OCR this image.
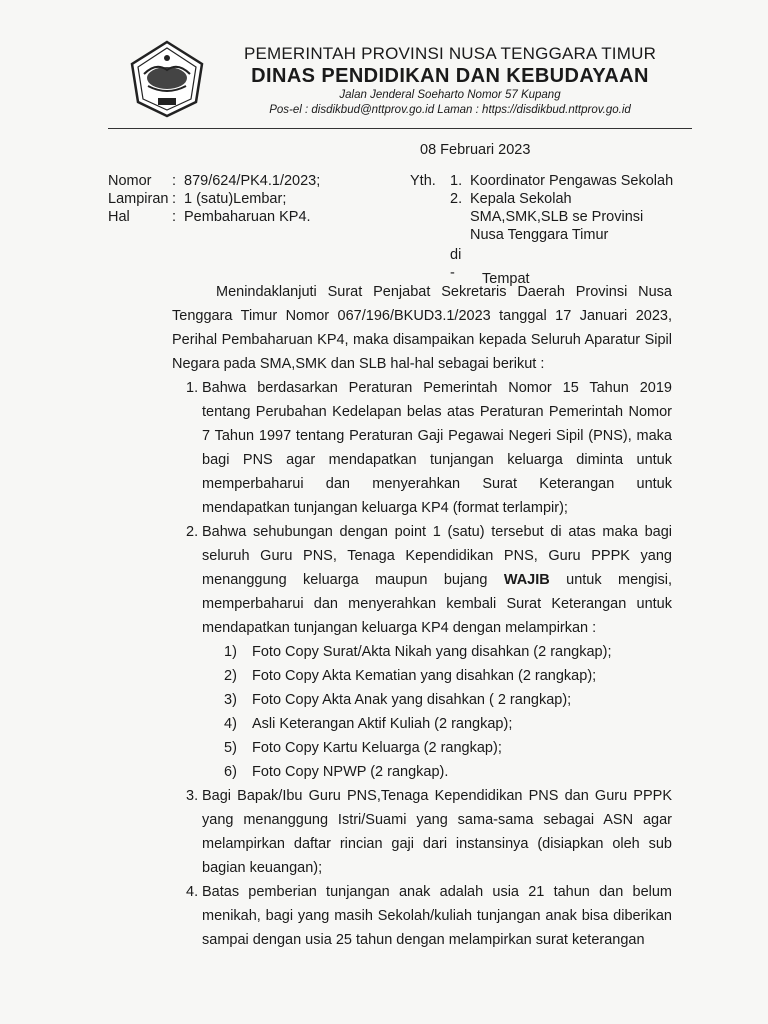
PEMERINTAH PROVINSI NUSA TENGGARA TIMUR
DINAS PENDIDIKAN DAN KEBUDAYAAN
Jalan Jenderal Soeharto Nomor 57 Kupang
Pos-el : disdikbud@nttprov.go.id Laman : https://disdikbud.nttprov.go.id
08 Februari 2023
Nomor	: 879/624/PK4.1/2023;
Lampiran : 1 (satu)Lembar;
Hal	: Pembaharuan KP4.
Yth. 1. Koordinator Pengawas Sekolah
2. Kepala Sekolah SMA,SMK,SLB se Provinsi Nusa Tenggara Timur
di -	Tempat

Menindaklanjuti Surat Penjabat Sekretaris Daerah Provinsi Nusa Tenggara Timur Nomor 067/196/BKUD3.1/2023 tanggal 17 Januari 2023, Perihal Pembaharuan KP4, maka disampaikan kepada Seluruh Aparatur Sipil Negara pada SMA,SMK dan SLB hal-hal sebagai berikut :

1. Bahwa berdasarkan Peraturan Pemerintah Nomor 15 Tahun 2019 tentang Perubahan Kedelapan belas atas Peraturan Pemerintah Nomor 7 Tahun 1997 tentang Peraturan Gaji Pegawai Negeri Sipil (PNS), maka bagi PNS agar mendapatkan tunjangan keluarga diminta untuk memperbaharui dan menyerahkan Surat Keterangan untuk mendapatkan tunjangan keluarga KP4 (format terlampir);
2. Bahwa sehubungan dengan point 1 (satu) tersebut di atas maka bagi seluruh Guru PNS, Tenaga Kependidikan PNS, Guru PPPK yang menanggung keluarga maupun bujang WAJIB untuk mengisi, memperbaharui dan menyerahkan kembali Surat Keterangan untuk mendapatkan tunjangan keluarga KP4 dengan melampirkan :
1)	Foto Copy Surat/Akta Nikah yang disahkan (2 rangkap);
2)	Foto Copy Akta Kematian yang disahkan (2 rangkap);
3)	Foto Copy Akta Anak yang disahkan ( 2 rangkap);
4)	Asli Keterangan Aktif Kuliah (2 rangkap);
5)	Foto Copy Kartu Keluarga (2 rangkap);
6)	Foto Copy NPWP (2 rangkap).
3. Bagi Bapak/Ibu Guru PNS,Tenaga Kependidikan PNS dan Guru PPPK yang menanggung Istri/Suami yang sama-sama sebagai ASN agar melampirkan daftar rincian gaji dari instansinya (disiapkan oleh sub bagian keuangan);
4. Batas pemberian tunjangan anak adalah usia 21 tahun dan belum menikah, bagi yang masih Sekolah/kuliah tunjangan anak bisa diberikan sampai dengan usia 25 tahun dengan melampirkan surat keterangan
